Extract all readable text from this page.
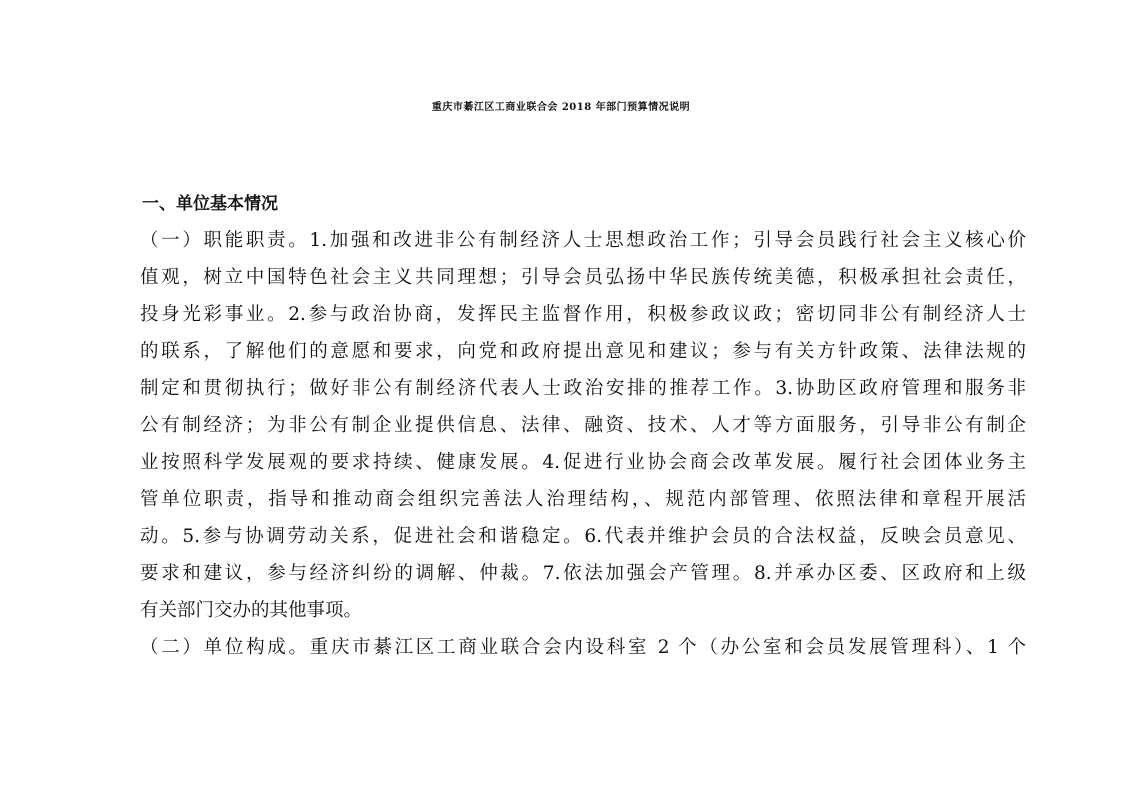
重庆市綦江区工商业联合会 2018 年部门预算情况说明
一、单位基本情况
（一）职能职责。1.加强和改进非公有制经济人士思想政治工作；引导会员践行社会主义核心价
值观，树立中国特色社会主义共同理想；引导会员弘扬中华民族传统美德，积极承担社会责任，
投身光彩事业。2.参与政治协商，发挥民主监督作用，积极参政议政；密切同非公有制经济人士
的联系，了解他们的意愿和要求，向党和政府提出意见和建议；参与有关方针政策、法律法规的
制定和贯彻执行；做好非公有制经济代表人士政治安排的推荐工作。3.协助区政府管理和服务非
公有制经济；为非公有制企业提供信息、法律、融资、技术、人才等方面服务，引导非公有制企
业按照科学发展观的要求持续、健康发展。4.促进行业协会商会改革发展。履行社会团体业务主
管单位职责，指导和推动商会组织完善法人治理结构，、规范内部管理、依照法律和章程开展活
动。5.参与协调劳动关系，促进社会和谐稳定。6.代表并维护会员的合法权益，反映会员意见、
要求和建议，参与经济纠纷的调解、仲裁。7.依法加强会产管理。8.并承办区委、区政府和上级
有关部门交办的其他事项。
（二）单位构成。重庆市綦江区工商业联合会内设科室 2 个（办公室和会员发展管理科）、1 个
